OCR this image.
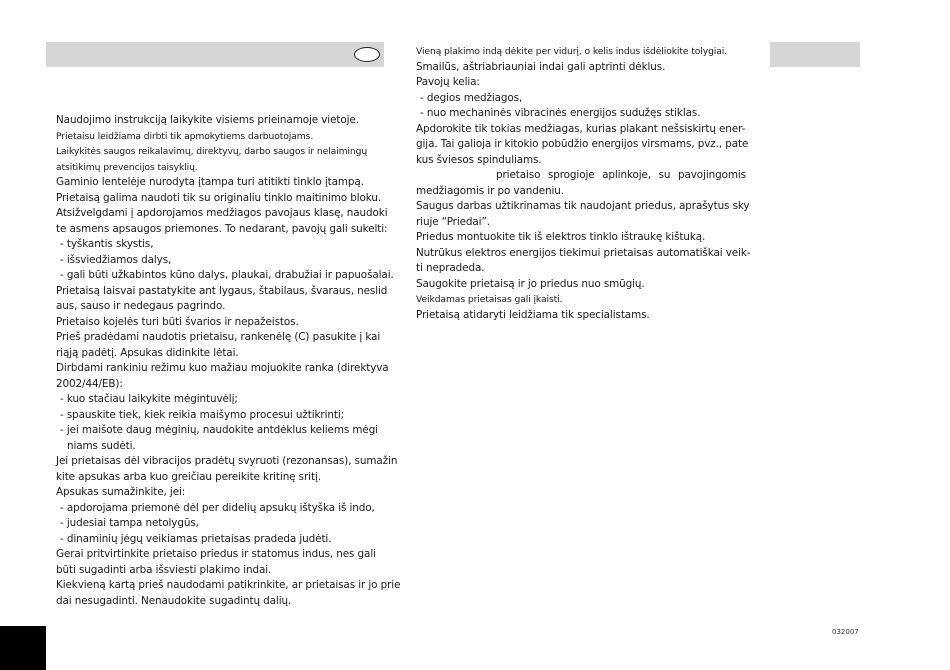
Naudojimo instrukciją laikykite visiems prieinamoje vietoje.
Prietaisu leidžiama dirbti tik apmokytiems darbuotojams.
Laikykitės saugos reikalavimų, direktyvų, darbo saugos ir nelaimingų
atsitikimų prevencijos taisyklių.
Gaminio lentelėje nurodyta įtampa turi atitikti tinklo įtampą.
Prietaisą galima naudoti tik su originaliu tinklo maitinimo bloku.
Atsižvelgdami į apdorojamos medžiagos pavojaus klasę, naudoki
te asmens apsaugos priemones. To nedarant, pavojų gali sukelti:
- tyškantis skystis,
- išsviedžiamos dalys,
- gali būti užkabintos kūno dalys, plaukai, drabužiai ir papuošalai.
Prietaisą laisvai pastatykite ant lygaus, štabilaus, švaraus, neslid
aus, sauso ir nedegaus pagrindo.
Prietaiso kojelės turi būti švarios ir nepažeistos.
Prieš pradėdami naudotis prietaisu, rankenėlę (C) pasukite į kai
riąją padėtį. Apsukas didinkite lėtai.
Dirbdami rankiniu režimu kuo mažiau mojuokite ranka (direktyva
2002/44/EB):
- kuo stačiau laikykite mėgintuvėlį;
- spauskite tiek, kiek reikia maišymo procesui užtikrinti;
- jei maišote daug mėginių, naudokite antdėklus keliems mėgi
niams sudėti.
Jei prietaisas dėl vibracijos pradėtų svyruoti (rezonansas), sumažin
kite apsukas arba kuo greičiau pereikite kritinę sritį.
Apsukas sumažinkite, jei:
- apdorojama priemonė dėl per didelių apsukų ištyška iš indo,
- judesiai tampa netolygūs,
- dinaminių jėgų veikiamas prietaisas pradeda judėti.
Gerai pritvirtinkite prietaiso priedus ir statomus indus, nes gali
būti sugadinti arba išsviesti plakimo indai.
Kiekvieną kartą prieš naudodami patikrinkite, ar prietaisas ir jo prie
dai nesugadinti. Nenaudokite sugadintų dalių.
Vieną plakimo indą dėkite per vidurį, o kelis indus išdėliokite tolygiai.
Smailūs, aštriabriauniai indai gali aptrinti dėklus.
Pavojų kelia:
- degios medžiagos,
- nuo mechaninės vibracinės energijos sudužęs stiklas.
Apdorokite tik tokias medžiagas, kurias plakant nešsiskirtų ener-
gija. Tai galioja ir kitokio pobūdžio energijos virsmams, pvz., pate
kus šviesos spinduliams.
prietaiso sprogioje aplinkoje, su pavojingomis
medžiagomis ir po vandeniu.
Saugus darbas užtikrinamas tik naudojant priedus, aprašytus sky
riuje “Priedai”.
Priedus montuokite tik iš elektros tinklo ištraukę kištuką.
Nutrūkus elektros energijos tiekimui prietaisas automatiškai veik-
ti nepradeda.
Saugokite prietaisą ir jo priedus nuo smūgių.
Veikdamas prietaisas gali įkaisti.
Prietaisą atidaryti leidžiama tik specialistams.
032007
